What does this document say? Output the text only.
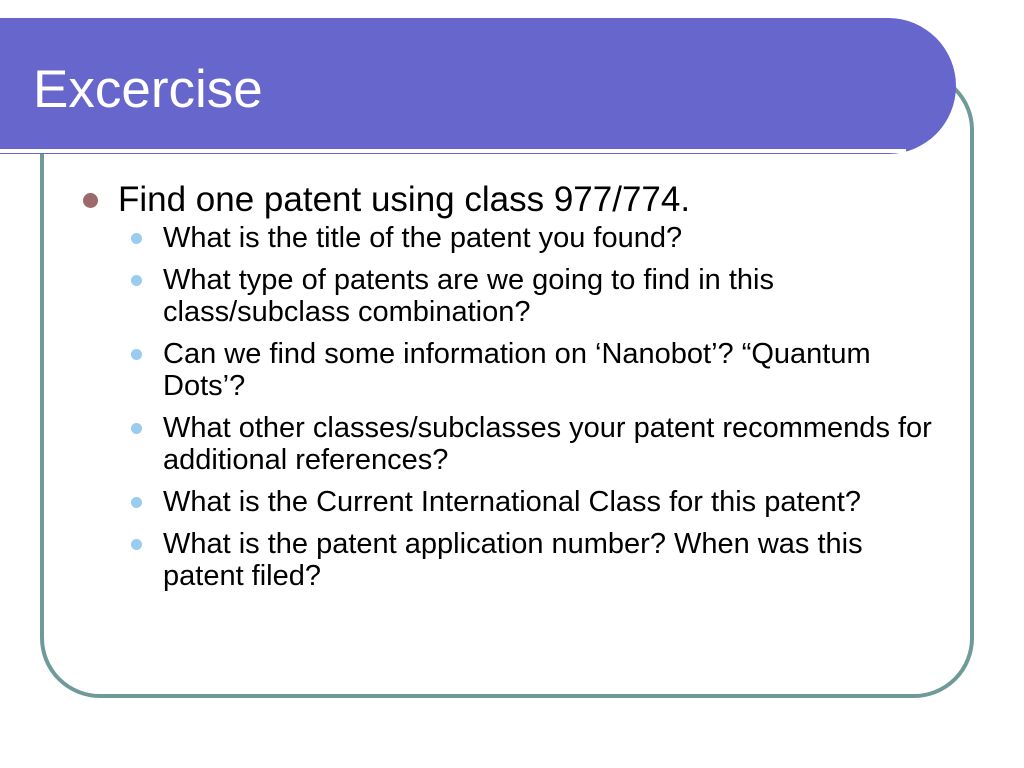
Excercise
Find one patent using class 977/774.
What is the title of the patent you found?
What type of patents are we going to find in this class/subclass combination?
Can we find some information on ‘Nanobot’? “Quantum Dots’?
What other classes/subclasses your patent recommends for additional references?
What is the Current International Class for this patent?
What is the patent application number? When was this patent filed?
